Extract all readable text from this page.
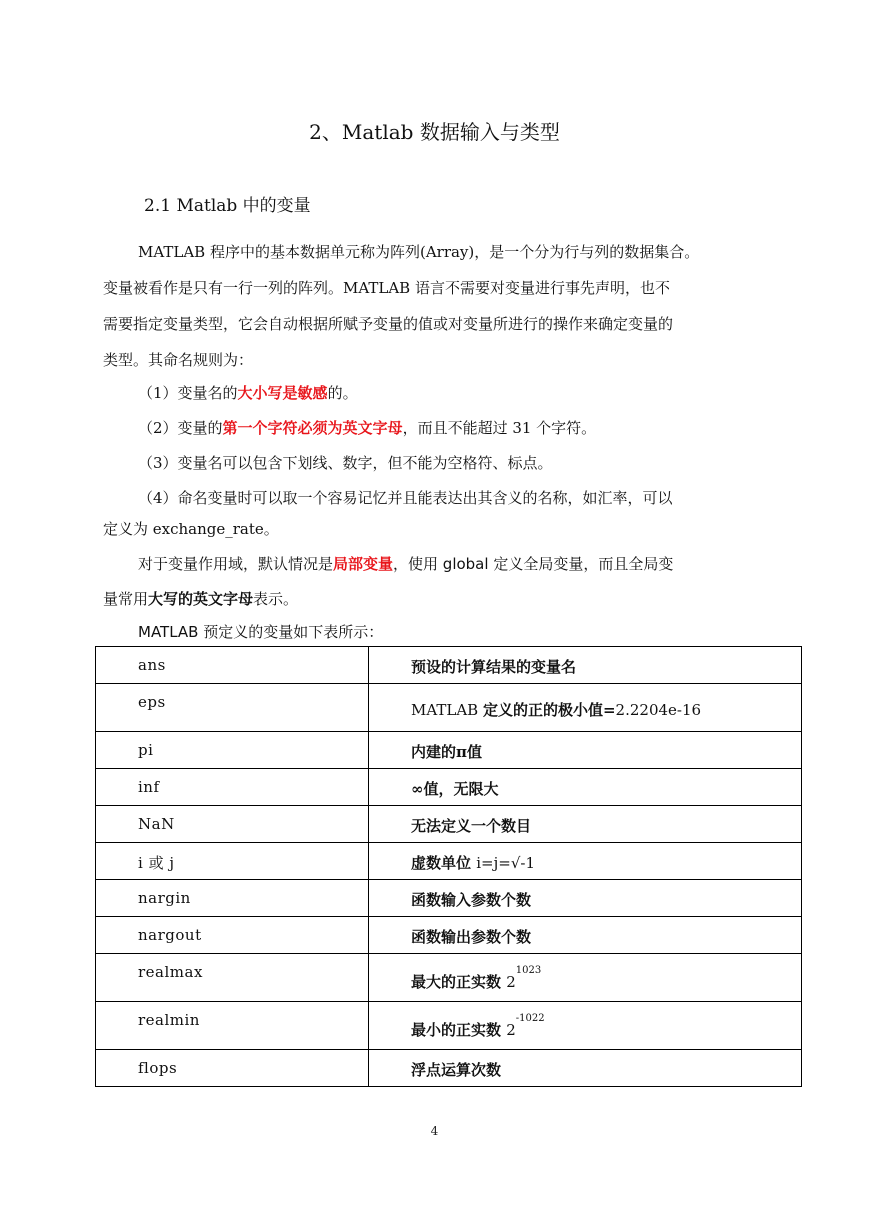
2、Matlab 数据输入与类型
2.1 Matlab 中的变量
MATLAB 程序中的基本数据单元称为阵列(Array)，是一个分为行与列的数据集合。
变量被看作是只有一行一列的阵列。MATLAB 语言不需要对变量进行事先声明，也不
需要指定变量类型，它会自动根据所赋予变量的值或对变量所进行的操作来确定变量的
类型。其命名规则为：
（1）变量名的大小写是敏感的。
（2）变量的第一个字符必须为英文字母，而且不能超过 31 个字符。
（3）变量名可以包含下划线、数字，但不能为空格符、标点。
（4）命名变量时可以取一个容易记忆并且能表达出其含义的名称，如汇率，可以
定义为 exchange_rate。
对于变量作用域，默认情况是局部变量，使用 global 定义全局变量，而且全局变
量常用大写的英文字母表示。
MATLAB 预定义的变量如下表所示：
ans	预设的计算结果的变量名
eps	MATLAB 定义的正的极小值=2.2204e-16
pi	内建的π值
inf	∞值，无限大
NaN	无法定义一个数目
i 或 j	虚数单位 i=j=√-1
nargin	函数输入参数个数
nargout	函数输出参数个数
realmax	最大的正实数 $2^{1023}$
realmin	最小的正实数 $2^{-1022}$
flops	浮点运算次数
4
